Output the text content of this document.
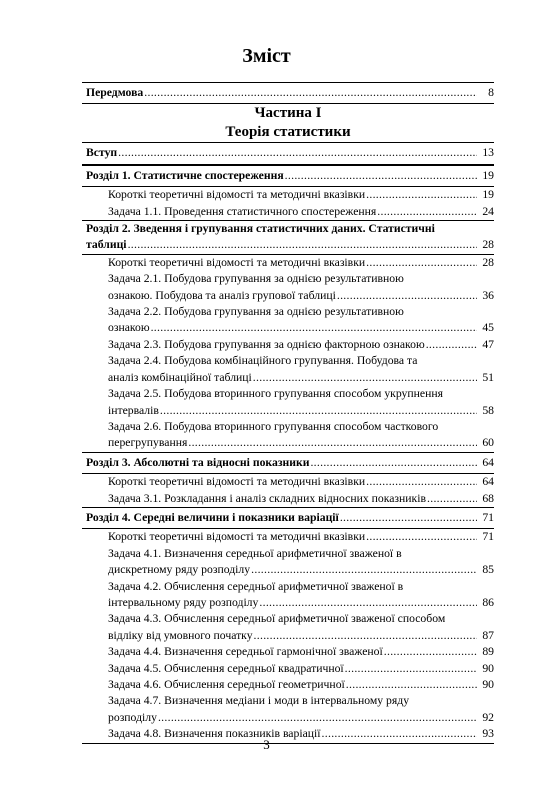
Зміст
Передмова .....	8
Частина І
Теорія статистики
Вступ .....	13
Розділ 1. Статистичне спостереження .....	19
Короткі теоретичні відомості та методичні вказівки .....	19
Задача 1.1. Проведення статистичного спостереження .....	24
Розділ 2. Зведення і групування статистичних даних. Статистичні
таблиці .....	28
Короткі теоретичні відомості та методичні вказівки .....	28
Задача 2.1. Побудова групування за однією результативною
ознакою. Побудова та аналіз групової таблиці .....	36
Задача 2.2. Побудова групування за однією результативною
ознакою .....	45
Задача 2.3. Побудова групування за однією факторною ознакою .....	47
Задача 2.4. Побудова комбінаційного групування. Побудова та
аналіз комбінаційної таблиці .....	51
Задача 2.5. Побудова вторинного групування способом укрупнення
інтервалів .....	58
Задача 2.6. Побудова вторинного групування способом часткового
перегрупування .....	60
Розділ 3. Абсолютні та відносні показники .....	64
Короткі теоретичні відомості та методичні вказівки .....	64
Задача 3.1. Розкладання і аналіз складних відносних показників .....	68
Розділ 4. Середні величини і показники варіації .....	71
Короткі теоретичні відомості та методичні вказівки .....	71
Задача 4.1. Визначення середньої арифметичної зваженої в
дискретному ряду розподілу .....	85
Задача 4.2. Обчислення середньої арифметичної зваженої в
інтервальному ряду розподілу .....	86
Задача 4.3. Обчислення середньої арифметичної зваженої способом
відліку від умовного початку .....	87
Задача 4.4. Визначення середньої гармонічної зваженої .....	89
Задача 4.5. Обчислення середньої квадратичної .....	90
Задача 4.6. Обчислення середньої геометричної .....	90
Задача 4.7. Визначення медіани і моди в інтервальному ряду
розподілу .....	92
Задача 4.8. Визначення показників варіації .....	93
3
